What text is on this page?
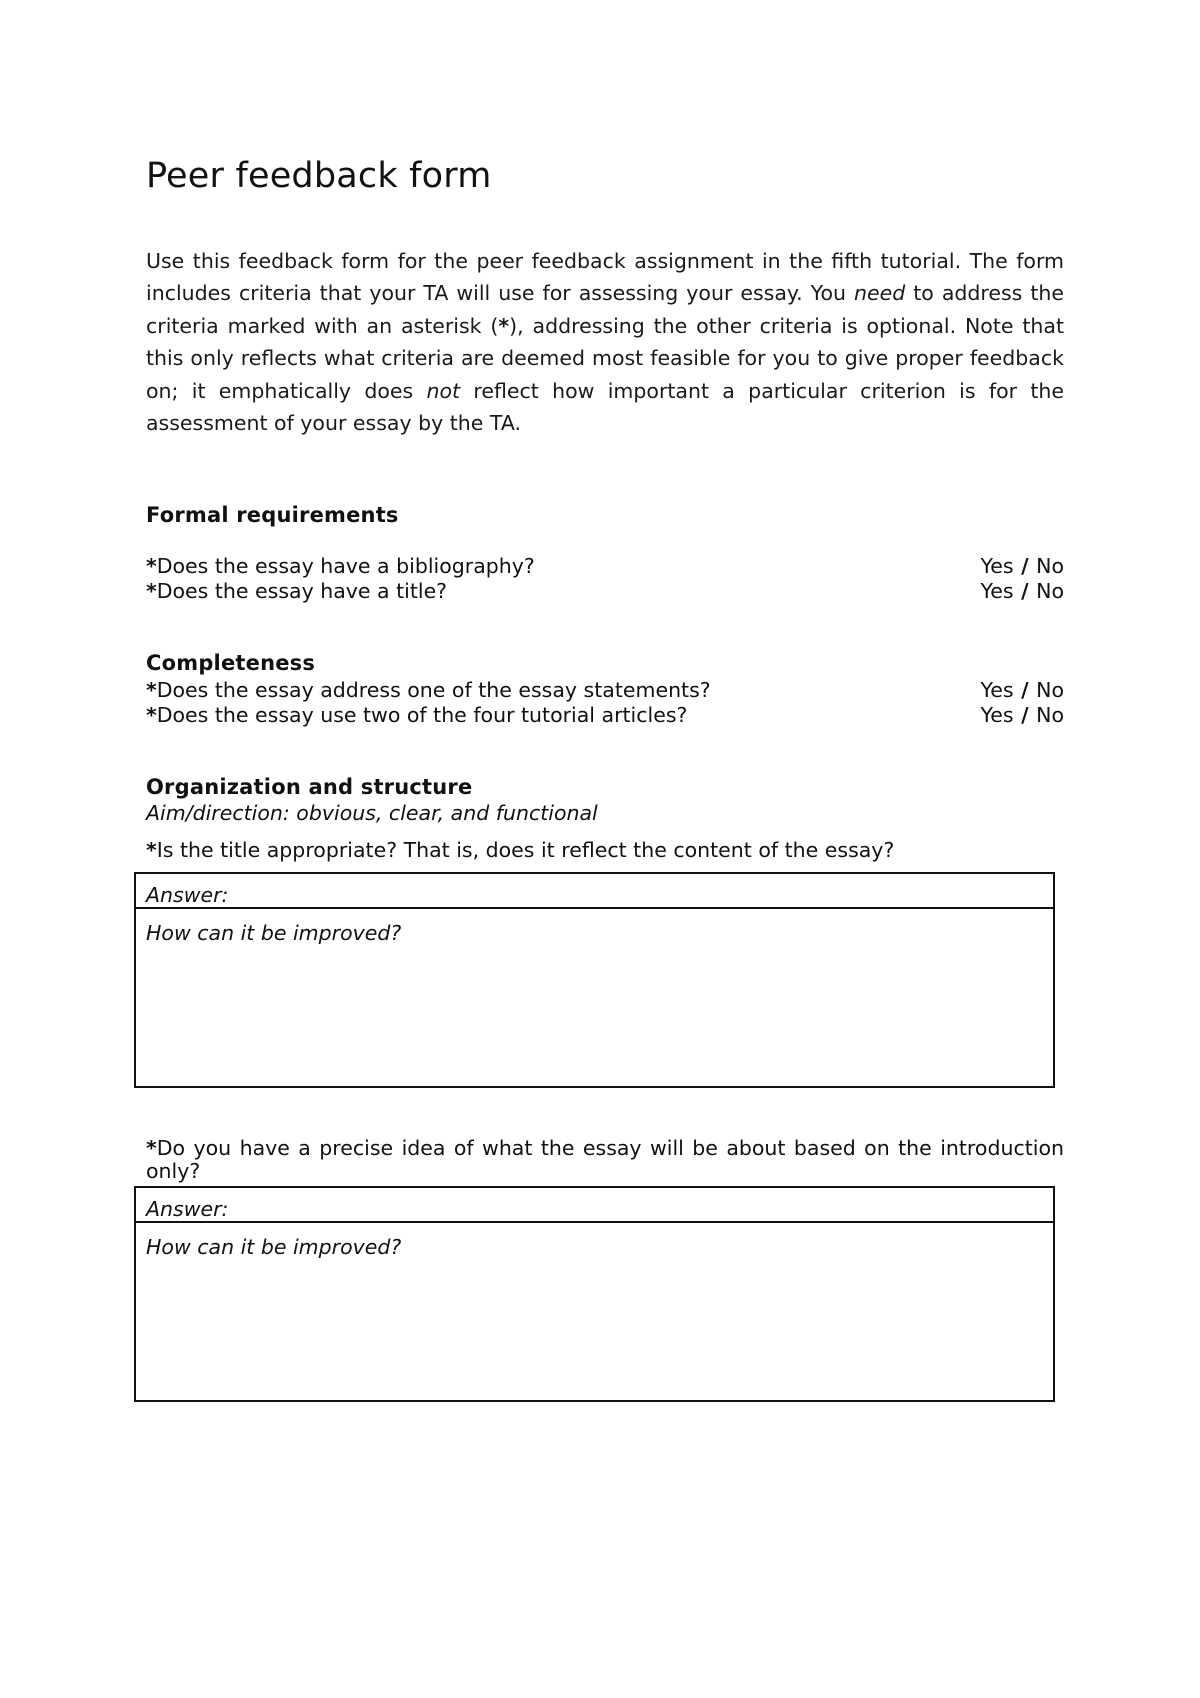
Peer feedback form

Use this feedback form for the peer feedback assignment in the fifth tutorial. The form includes criteria that your TA will use for assessing your essay. You need to address the criteria marked with an asterisk (*), addressing the other criteria is optional. Note that this only reflects what criteria are deemed most feasible for you to give proper feedback on; it emphatically does not reflect how important a particular criterion is for the assessment of your essay by the TA.

Formal requirements
*Does the essay have a bibliography?	Yes / No
*Does the essay have a title?	Yes / No
Completeness
*Does the essay address one of the essay statements?	Yes / No
*Does the essay use two of the four tutorial articles?	Yes / No
Organization and structure

Aim/direction: obvious, clear, and functional

*Is the title appropriate? That is, does it reflect the content of the essay?

Answer:
How can it be improved?

*Do you have a precise idea of what the essay will be about based on the introduction only?

Answer:
How can it be improved?
